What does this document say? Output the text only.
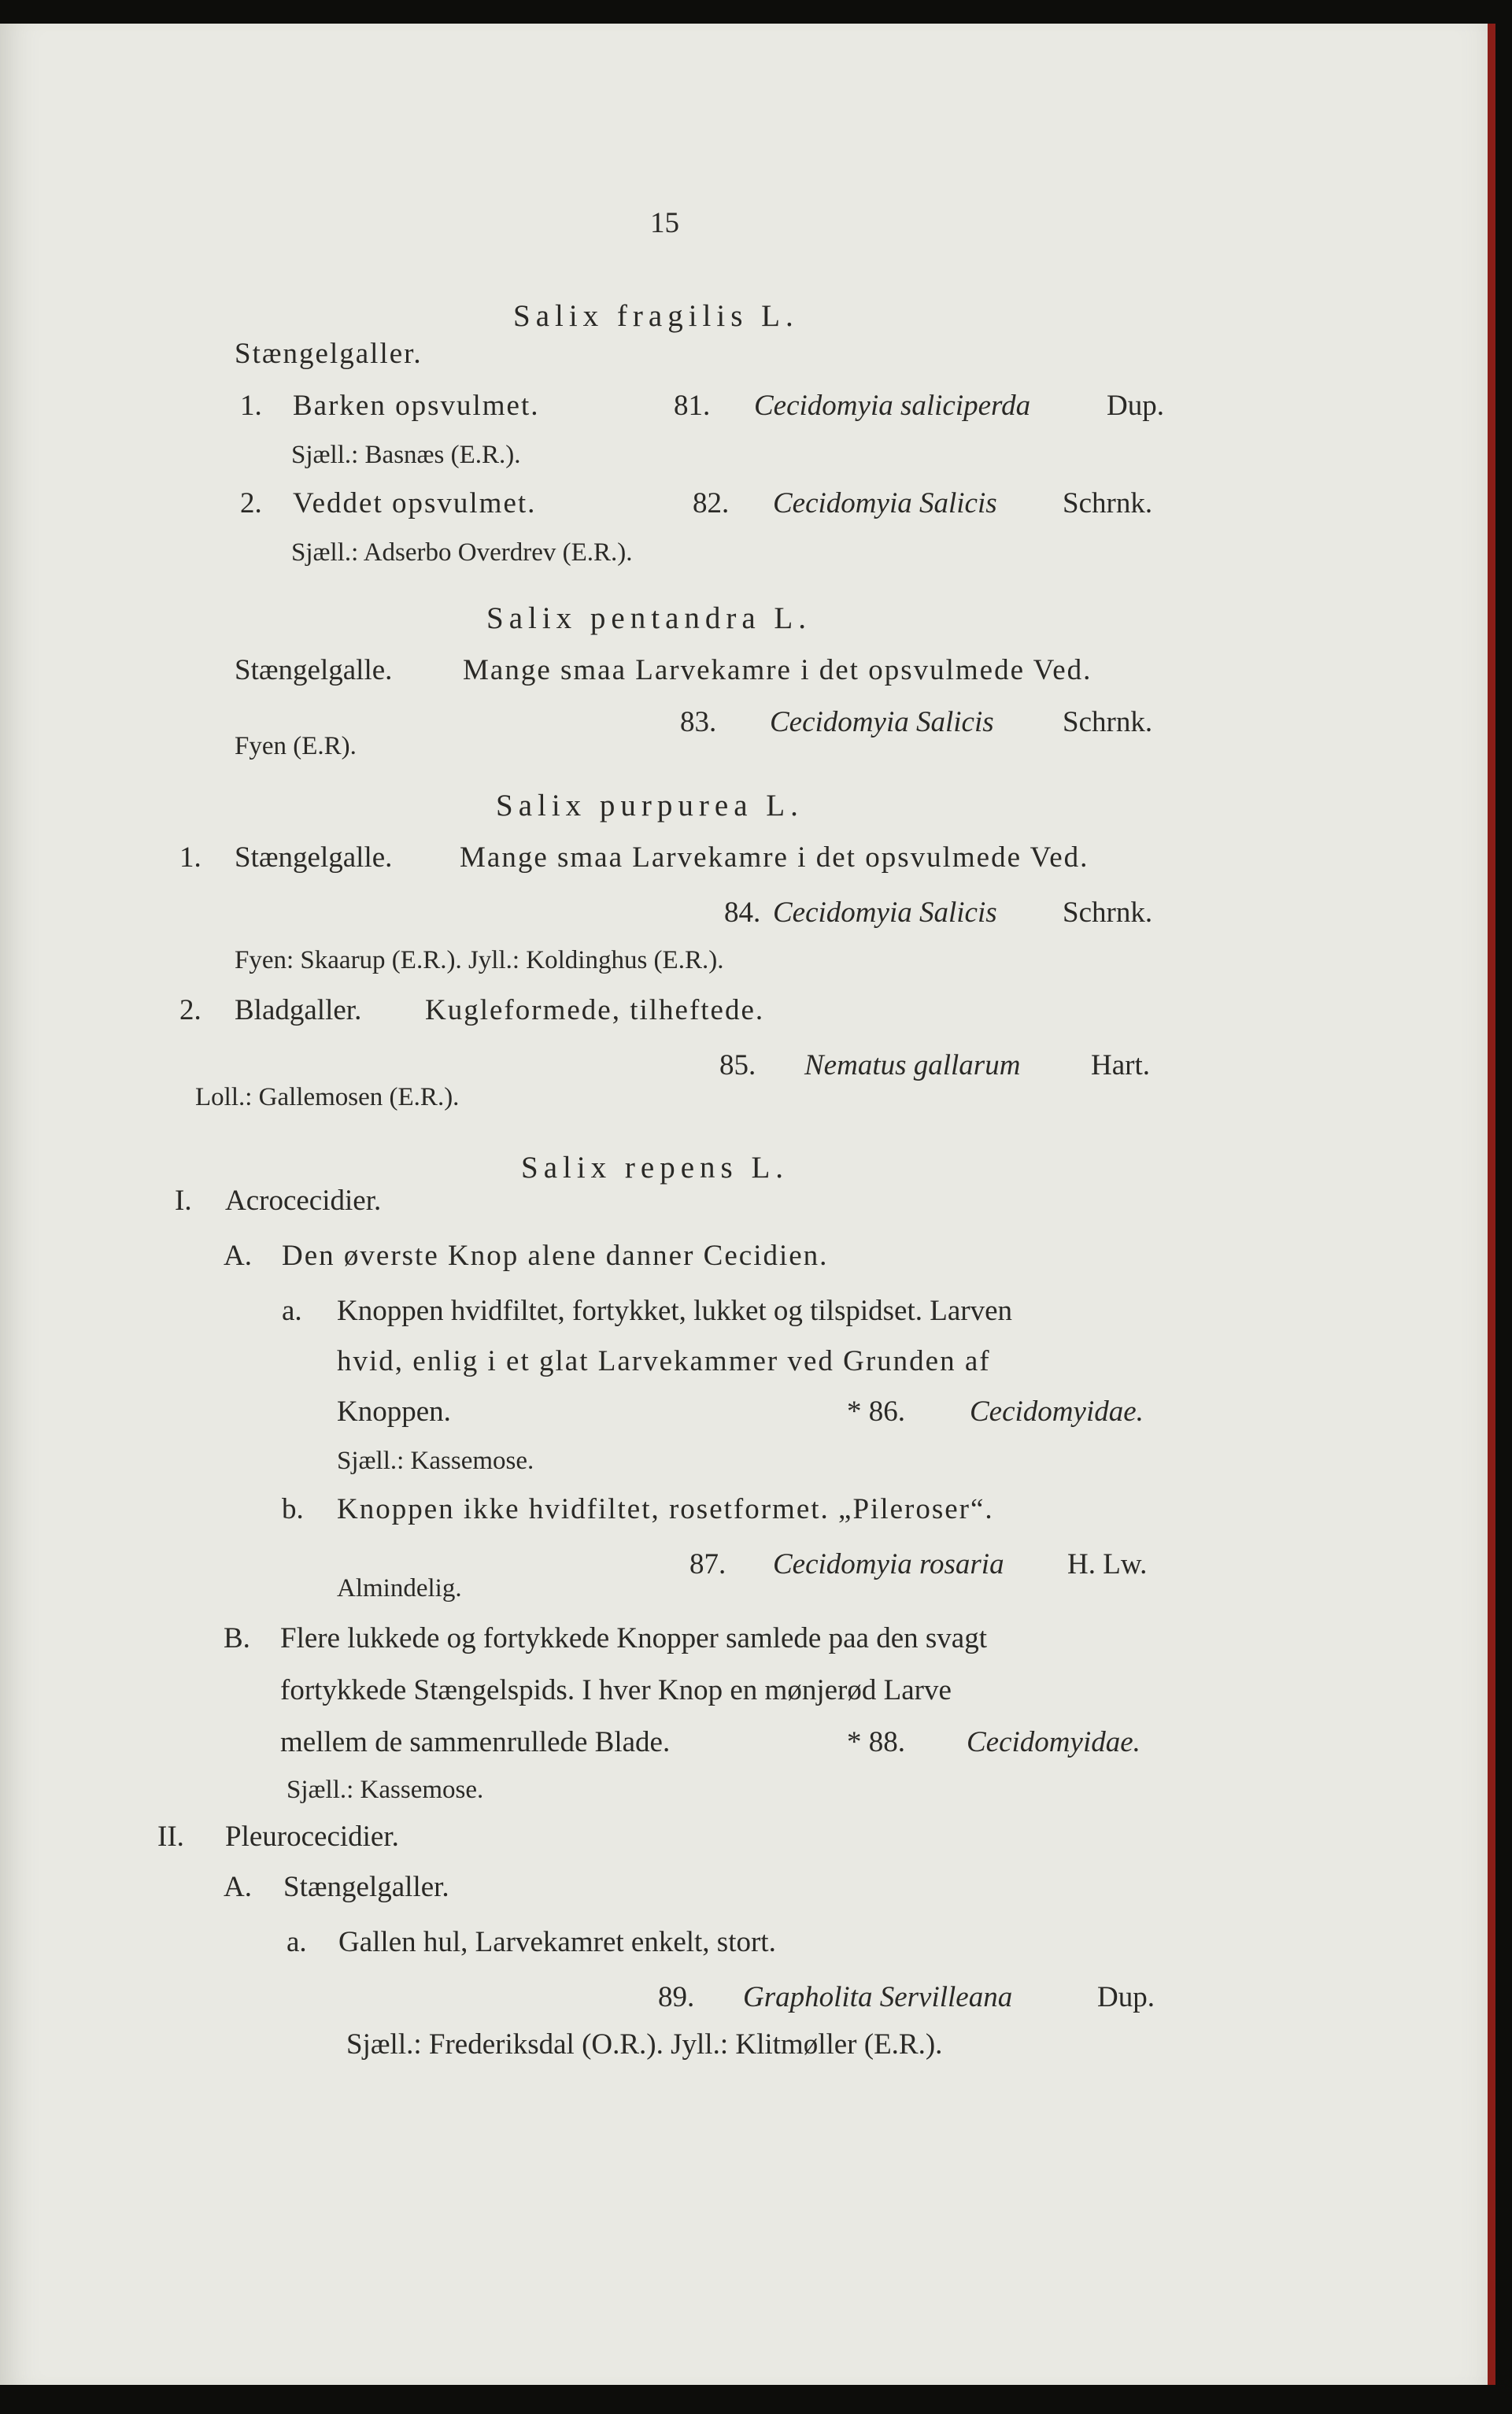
15
Salix fragilis L.
Stængelgaller.
1. Barken opsvulmet.	81. Cecidomyia saliciperda	Dup.
Sjæll.: Basnæs (E.R.).
2. Veddet opsvulmet.	82. Cecidomyia Salicis Schrnk.
Sjæll.: Adserbo Overdrev (E.R.).
Salix pentandra L.
Stængelgalle. Mange smaa Larvekamre i det opsvulmede Ved.
83. Cecidomyia Salicis Schrnk.
Fyen (E.R).
Salix purpurea L.
1. Stængelgalle. Mange smaa Larvekamre i det opsvulmede Ved.
84. Cecidomyia Salicis Schrnk.
Fyen: Skaarup (E.R.). Jyll.: Koldinghus (E.R.).
2. Bladgaller. Kugleformede, tilheftede.
85. Nematus gallarum Hart.
Loll.: Gallemosen (E.R.).
Salix repens L.
I. Acrocecidier.
A. Den øverste Knop alene danner Cecidien.
a. Knoppen hvidfiltet, fortykket, lukket og tilspidset. Larven
hvid, enlig i et glat Larvekammer ved Grunden af
Knoppen.	* 86. Cecidomyidae.
Sjæll.: Kassemose.
b. Knoppen ikke hvidfiltet, rosetformet. „Pileroser“.
87. Cecidomyia rosaria H. Lw.
Almindelig.
B. Flere lukkede og fortykkede Knopper samlede paa den svagt
fortykkede Stængelspids. I hver Knop en mønjerød Larve
mellem de sammenrullede Blade.	* 88. Cecidomyidae.
Sjæll.: Kassemose.
II. Pleurocecidier.
A. Stængelgaller.
a. Gallen hul, Larvekamret enkelt, stort.
89. Grapholita Servilleana	Dup.
Sjæll.: Frederiksdal (O.R.). Jyll.: Klitmøller (E.R.).
